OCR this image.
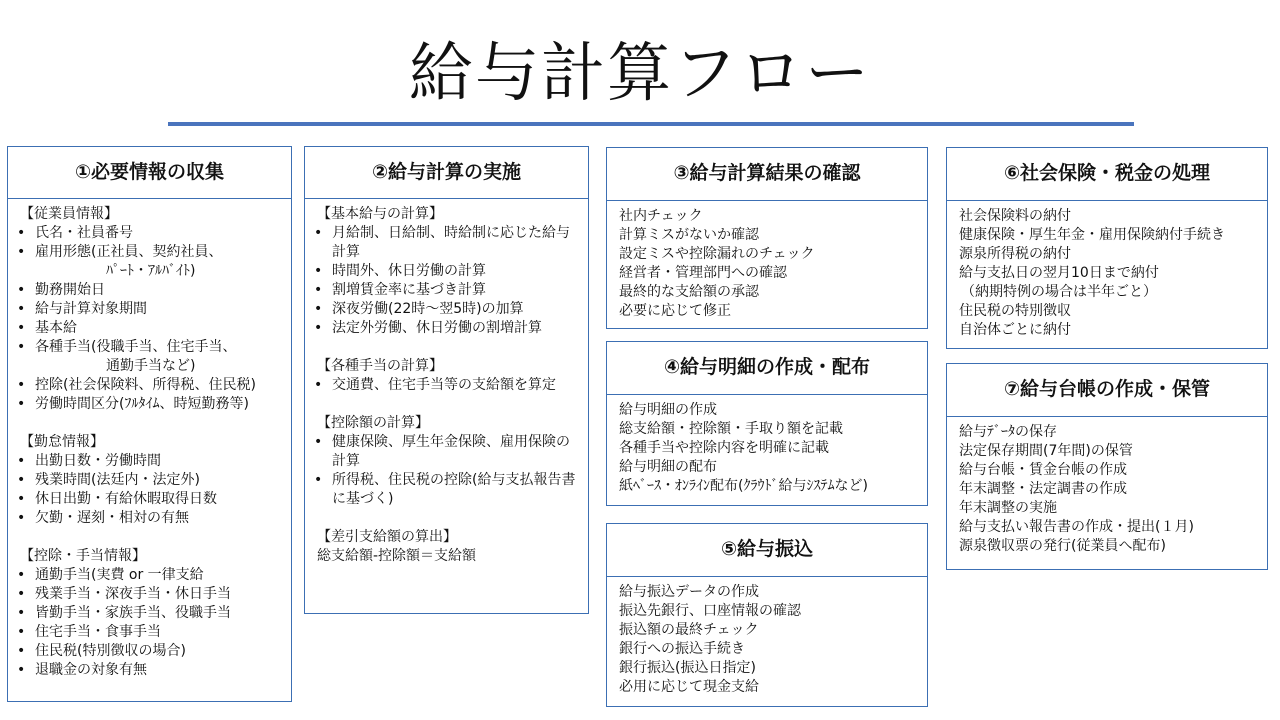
給与計算フロー
①必要情報の収集
【従業員情報】
• 氏名・社員番号
• 雇用形態(正社員、契約社員、
ﾊﾟｰﾄ・ｱﾙﾊﾞｲﾄ)
• 勤務開始日
• 給与計算対象期間
• 基本給
• 各種手当(役職手当、住宅手当、
通勤手当など)
• 控除(社会保険料、所得税、住民税)
• 労働時間区分(ﾌﾙﾀｲﾑ、時短勤務等)
【勤怠情報】
• 出勤日数・労働時間
• 残業時間(法廷内・法定外)
• 休日出勤・有給休暇取得日数
• 欠勤・遅刻・相対の有無
【控除・手当情報】
• 通勤手当(実費 or 一律支給
• 残業手当・深夜手当・休日手当
• 皆勤手当・家族手当、役職手当
• 住宅手当・食事手当
• 住民税(特別徴収の場合)
• 退職金の対象有無
②給与計算の実施
【基本給与の計算】
• 月給制、日給制、時給制に応じた給与計算
• 時間外、休日労働の計算
• 割増賃金率に基づき計算
• 深夜労働(22時～翌5時)の加算
• 法定外労働、休日労働の割増計算
【各種手当の計算】
• 交通費、住宅手当等の支給額を算定
【控除額の計算】
• 健康保険、厚生年金保険、雇用保険の計算
• 所得税、住民税の控除(給与支払報告書に基づく)
【差引支給額の算出】
総支給額-控除額＝支給額
③給与計算結果の確認
社内チェック
計算ミスがないか確認
設定ミスや控除漏れのチェック
経営者・管理部門への確認
最終的な支給額の承認
必要に応じて修正
④給与明細の作成・配布
給与明細の作成
総支給額・控除額・手取り額を記載
各種手当や控除内容を明確に記載
給与明細の配布
紙ﾍﾞｰｽ・ｵﾝﾗｲﾝ配布(ｸﾗｳﾄﾞ給与ｼｽﾃﾑなど)
⑤給与振込
給与振込データの作成
振込先銀行、口座情報の確認
振込額の最終チェック
銀行への振込手続き
銀行振込(振込日指定)
必用に応じて現金支給
⑥社会保険・税金の処理
社会保険料の納付
健康保険・厚生年金・雇用保険納付手続き
源泉所得税の納付
給与支払日の翌月10日まで納付
（納期特例の場合は半年ごと）
住民税の特別徴収
自治体ごとに納付
⑦給与台帳の作成・保管
給与ﾃﾞｰﾀの保存
法定保存期間(7年間)の保管
給与台帳・賃金台帳の作成
年末調整・法定調書の作成
年末調整の実施
給与支払い報告書の作成・提出(１月)
源泉徴収票の発行(従業員へ配布)
